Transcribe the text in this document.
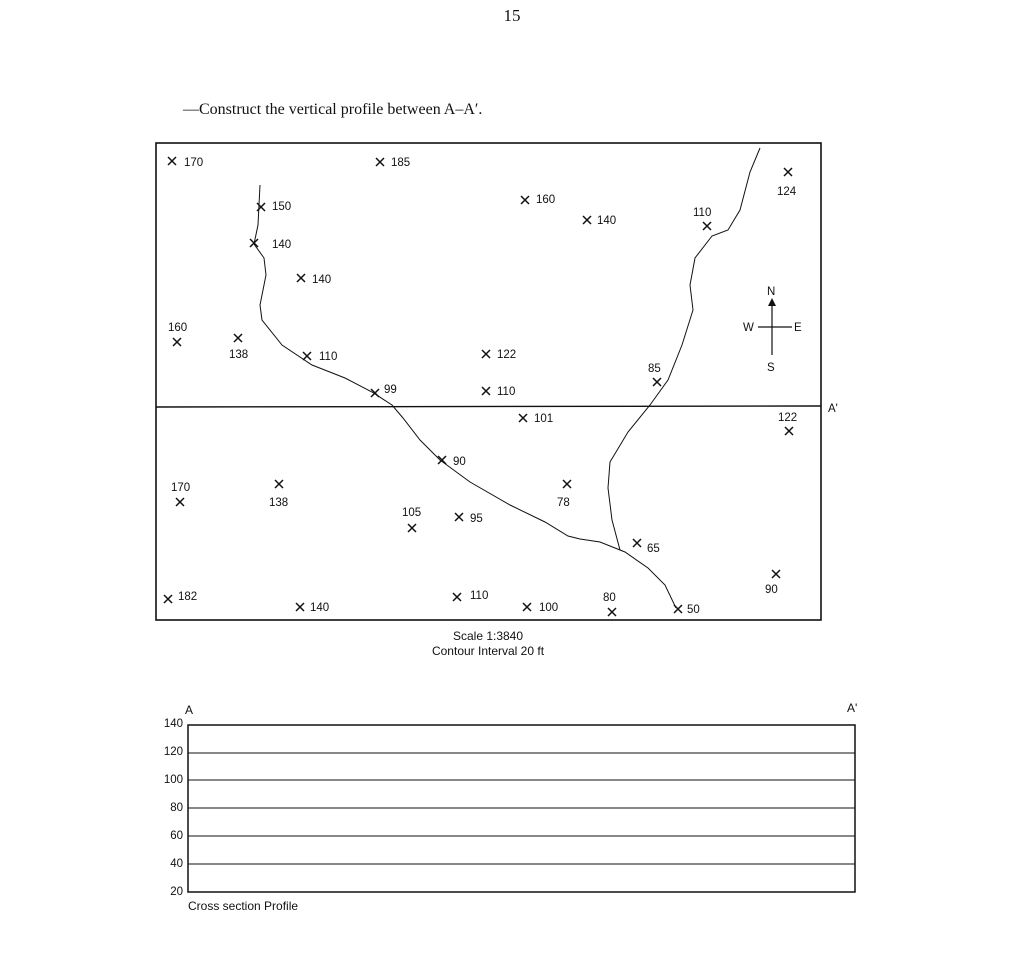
15
—Construct the vertical profile between A–A′.
A'
170	185
124
150
160
140
110
140
140
160
138	110	122
85
99	110
101	122
90
170
138	78
105	95
65
90
182	110	80
140	100	50
N
S
W	E
Scale 1:3840
Contour Interval 20 ft
A	A'
140
120
100
80
60
40
20
Cross section Profile
